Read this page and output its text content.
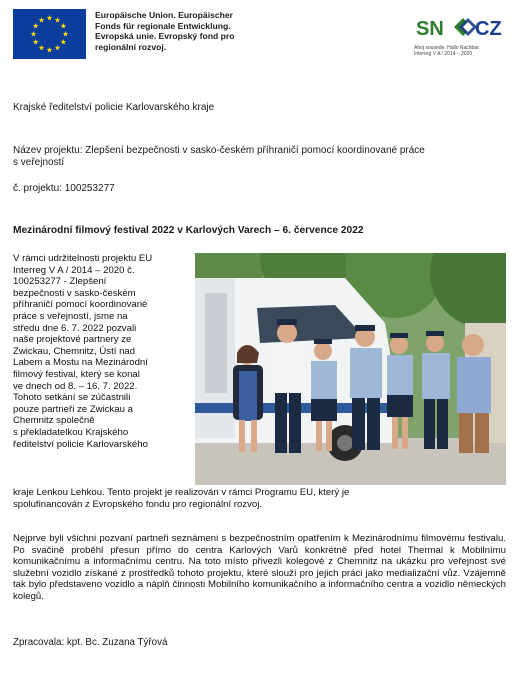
Europäische Union. Europäischer
Fonds für regionale Entwicklung.
Evropská unie. Evropský fond pro
regionální rozvoj.
SN CZ
Ahoj sousede. Hallo Nachbar.
Interreg V A / 2014 – 2020
Krajské ředitelství policie Karlovarského kraje
Název projektu: Zlepšení bezpečnosti v sasko-českém příhraničí pomocí koordinované práce
s veřejností
č. projektu: 100253277
Mezinárodní filmový festival 2022 v Karlových Varech – 6. července 2022
V rámci udržitelnosti projektu EU
Interreg V A / 2014 – 2020 č.
100253277 - Zlepšení
bezpečnosti v sasko-českém
příhraničí pomocí koordinované
práce s veřejností, jsme na
středu dne 6. 7. 2022 pozvali
naše projektové partnery ze
Zwickau, Chemnitz, Ústí nad
Labem a Mostu na Mezinárodní
filmový festival, který se konal
ve dnech od 8. – 16. 7. 2022.
Tohoto setkání se zúčastnili
pouze partneři ze Zwickau a
Chemnitz společně
s překladatelkou Krajského
ředitelství policie Karlovarského
kraje Lenkou Lehkou. Tento projekt je realizován v rámci Programu EU, který je
spolufinancován z Evropského fondu pro regionální rozvoj.
Nejprve byli všichni pozvaní partneři seznámeni s bezpečnostním opatřením k Mezinárodnímu filmovému festivalu. Po svačině proběhl přesun přímo do centra Karlových Varů konkrétně před hotel Thermal k Mobilnímu komunikačnímu a informačnímu centru. Na toto místo přivezli kolegové z Chemnitz na ukázku pro veřejnost své služební vozidlo získané z prostředků tohoto projektu, které slouží pro jejich práci jako medializační vůz. Vzájemně tak bylo představeno vozidlo a náplň činnosti Mobilního komunikačního a informačního centra a vozidlo německých kolegů.
Zpracovala: kpt. Bc. Zuzana Týřová
